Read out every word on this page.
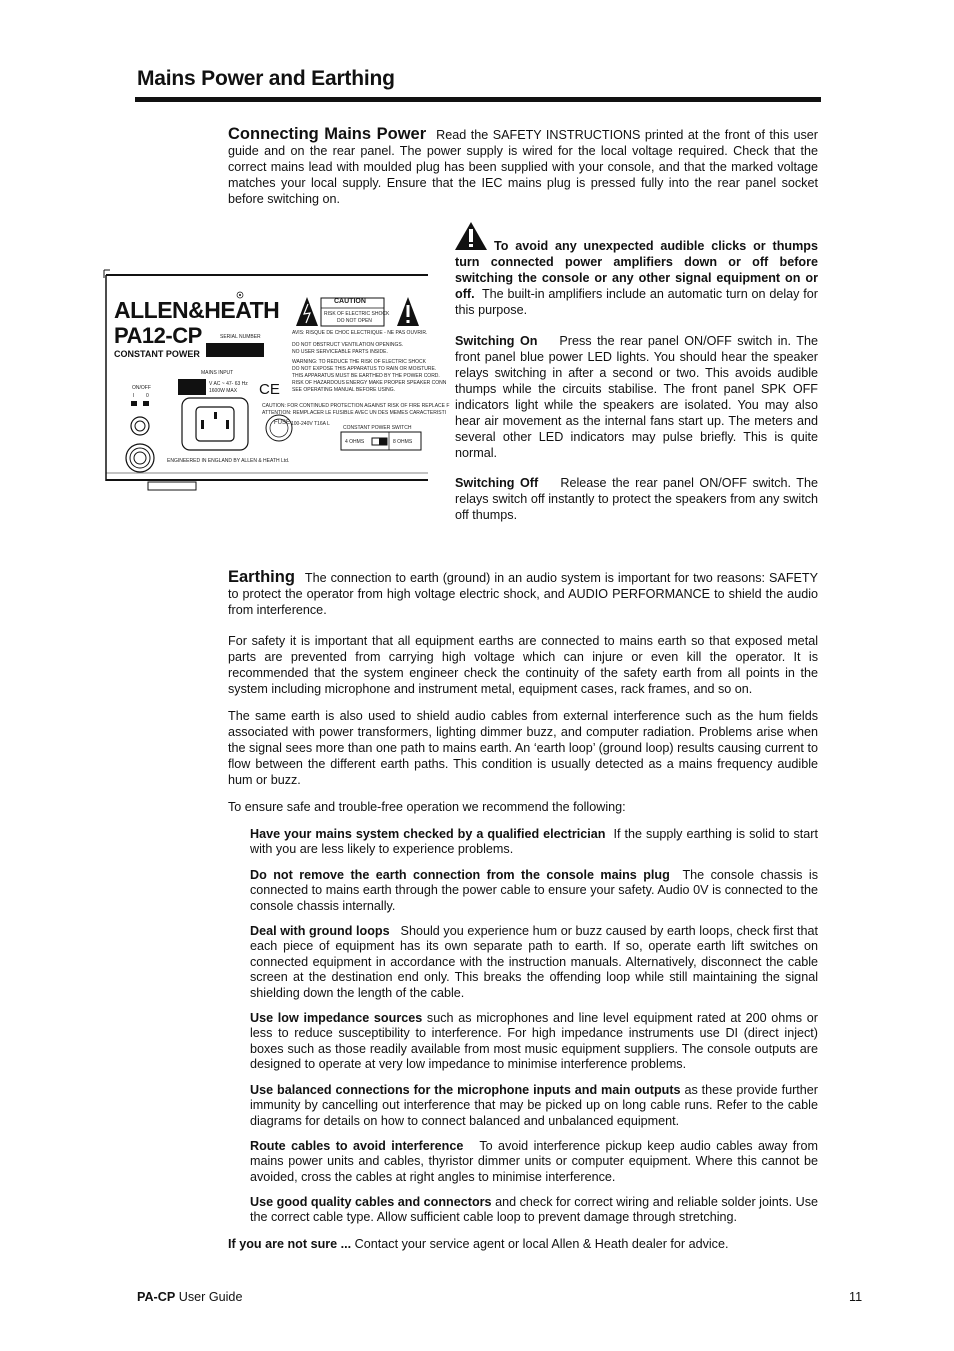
Mains Power and Earthing

Connecting Mains Power Read the SAFETY INSTRUCTIONS printed at the front of this user guide and on the rear panel. The power supply is wired for the local voltage required. Check that the correct mains lead with moulded plug has been supplied with your console, and that the marked voltage matches your local supply. Ensure that the IEC mains plug is pressed fully into the rear panel socket before switching on.

CE
ALLEN&HEATH
PA12-CP
CONSTANT POWER
SERIAL NUMBER
MAINS INPUT
V AC ~ 47- 63 Hz
1600W MAX
ON/OFF
I 0
CAUTION
RISK OF ELECTRIC SHOCK
DO NOT OPEN
AVIS: RISQUE DE CHOC ELECTRIQUE - NE PAS OUVRIR.
DO NOT OBSTRUCT VENTILATION OPENINGS.
NO USER SERVICEABLE PARTS INSIDE.
WARNING: TO REDUCE THE RISK OF ELECTRIC SHOCK
DO NOT EXPOSE THIS APPARATUS TO RAIN OR MOISTURE.
THIS APPARATUS MUST BE EARTHED BY THE POWER CORD.
RISK OF HAZARDOUS ENERGY MAKE PROPER SPEAKER CONN
SEE OPERATING MANUAL BEFORE USING.
CAUTION: FOR CONTINUED PROTECTION AGAINST RISK OF FIRE REPLACE F
ATTENTION: REMPLACER LE FUSIBLE AVEC UN DES MEMES CARACTERISTI
FUSE 100-240V T16A L
CONSTANT POWER SWITCH
4 OHMS	8 OHMS
ENGINEERED IN ENGLAND BY ALLEN & HEATH Ltd.

To avoid any unexpected audible clicks or thumps turn connected power amplifiers down or off before switching the console or any other signal equipment on or off. The built-in amplifiers include an automatic turn on delay for this purpose.

Switching On Press the rear panel ON/OFF switch in. The front panel blue power LED lights. You should hear the speaker relays switching in after a second or two. This avoids audible thumps while the circuits stabilise. The front panel SPK OFF indicators light while the speakers are isolated. You may also hear air movement as the internal fans start up. The meters and several other LED indicators may pulse briefly. This is quite normal.

Switching Off Release the rear panel ON/OFF switch. The relays switch off instantly to protect the speakers from any switch off thumps.

Earthing The connection to earth (ground) in an audio system is important for two reasons: SAFETY to protect the operator from high voltage electric shock, and AUDIO PERFORMANCE to shield the audio from interference.

For safety it is important that all equipment earths are connected to mains earth so that exposed metal parts are prevented from carrying high voltage which can injure or even kill the operator. It is recommended that the system engineer check the continuity of the safety earth from all points in the system including microphone and instrument metal, equipment cases, rack frames, and so on.

The same earth is also used to shield audio cables from external interference such as the hum fields associated with power transformers, lighting dimmer buzz, and computer radiation. Problems arise when the signal sees more than one path to mains earth. An ‘earth loop’ (ground loop) results causing current to flow between the different earth paths. This condition is usually detected as a mains frequency audible hum or buzz.

To ensure safe and trouble-free operation we recommend the following:

Have your mains system checked by a qualified electrician If the supply earthing is solid to start with you are less likely to experience problems.

Do not remove the earth connection from the console mains plug The console chassis is connected to mains earth through the power cable to ensure your safety. Audio 0V is connected to the console chassis internally.

Deal with ground loops Should you experience hum or buzz caused by earth loops, check first that each piece of equipment has its own separate path to earth. If so, operate earth lift switches on connected equipment in accordance with the instruction manuals. Alternatively, disconnect the cable screen at the destination end only. This breaks the offending loop while still maintaining the signal shielding down the length of the cable.

Use low impedance sources such as microphones and line level equipment rated at 200 ohms or less to reduce susceptibility to interference. For high impedance instruments use DI (direct inject) boxes such as those readily available from most music equipment suppliers. The console outputs are designed to operate at very low impedance to minimise interference problems.

Use balanced connections for the microphone inputs and main outputs as these provide further immunity by cancelling out interference that may be picked up on long cable runs. Refer to the cable diagrams for details on how to connect balanced and unbalanced equipment.

Route cables to avoid interference To avoid interference pickup keep audio cables away from mains power units and cables, thyristor dimmer units or computer equipment. Where this cannot be avoided, cross the cables at right angles to minimise interference.

Use good quality cables and connectors and check for correct wiring and reliable solder joints. Use the correct cable type. Allow sufficient cable loop to prevent damage through stretching.

If you are not sure ... Contact your service agent or local Allen & Heath dealer for advice.

PA-CP User Guide	11
